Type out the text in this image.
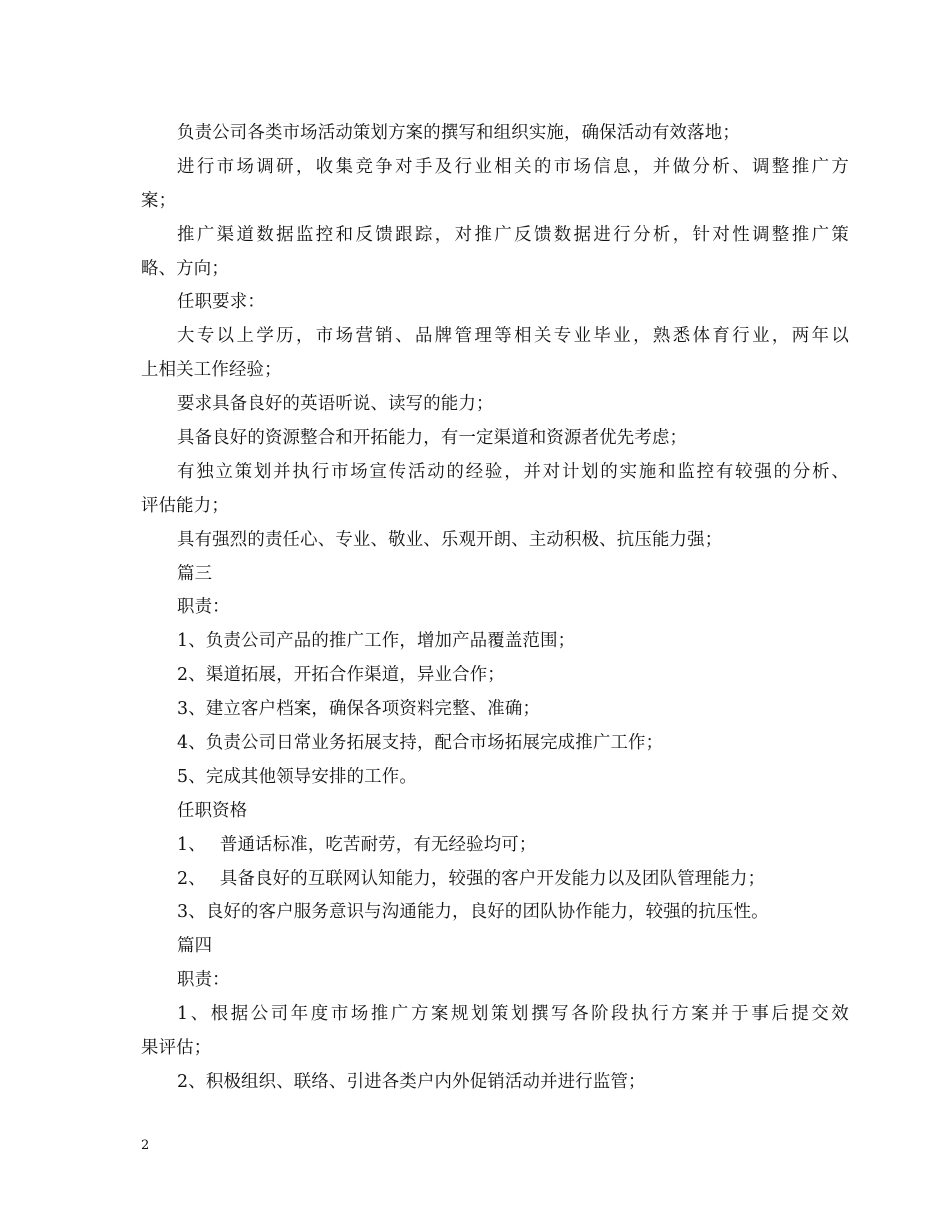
负责公司各类市场活动策划方案的撰写和组织实施，确保活动有效落地；
进行市场调研，收集竞争对手及行业相关的市场信息，并做分析、调整推广方
案；
推广渠道数据监控和反馈跟踪，对推广反馈数据进行分析，针对性调整推广策
略、方向；
任职要求：
大专以上学历，市场营销、品牌管理等相关专业毕业，熟悉体育行业，两年以
上相关工作经验；
要求具备良好的英语听说、读写的能力；
具备良好的资源整合和开拓能力，有一定渠道和资源者优先考虑；
有独立策划并执行市场宣传活动的经验，并对计划的实施和监控有较强的分析、
评估能力；
具有强烈的责任心、专业、敬业、乐观开朗、主动积极、抗压能力强；
篇三
职责：
1、负责公司产品的推广工作，增加产品覆盖范围；
2、渠道拓展，开拓合作渠道，异业合作；
3、建立客户档案，确保各项资料完整、准确；
4、负责公司日常业务拓展支持，配合市场拓展完成推广工作；
5、完成其他领导安排的工作。
任职资格
1、 普通话标准，吃苦耐劳，有无经验均可；
2、 具备良好的互联网认知能力，较强的客户开发能力以及团队管理能力；
3、良好的客户服务意识与沟通能力，良好的团队协作能力，较强的抗压性。
篇四
职责：
1、根据公司年度市场推广方案规划策划撰写各阶段执行方案并于事后提交效
果评估；
2、积极组织、联络、引进各类户内外促销活动并进行监管；
2
